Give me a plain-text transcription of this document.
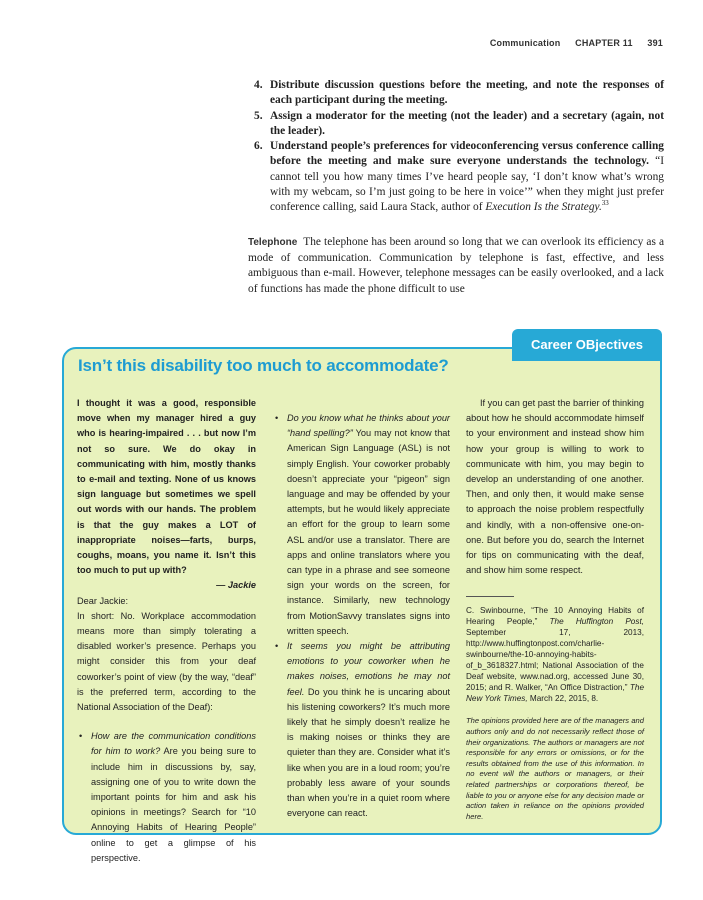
Communication CHAPTER 11 391
4. Distribute discussion questions before the meeting, and note the responses of each participant during the meeting.
5. Assign a moderator for the meeting (not the leader) and a secretary (again, not the leader).
6. Understand people’s preferences for videoconferencing versus conference calling before the meeting and make sure everyone understands the technology. “I cannot tell you how many times I’ve heard people say, ‘I don’t know what’s wrong with my webcam, so I’m just going to be here in voice’” when they might just prefer conference calling, said Laura Stack, author of Execution Is the Strategy.$^{33}$

Telephone The telephone has been around so long that we can overlook its efficiency as a mode of communication. Communication by telephone is fast, effective, and less ambiguous than e-mail. However, telephone messages can be easily overlooked, and a lack of functions has made the phone difficult to use

Career OBjectives
Isn’t this disability too much to accommodate?

I thought it was a good, responsible move when my manager hired a guy who is hearing-impaired . . . but now I’m not so sure. We do okay in communicating with him, mostly thanks to e-mail and texting. None of us knows sign language but sometimes we spell out words with our hands. The problem is that the guy makes a LOT of inappropriate noises—farts, burps, coughs, moans, you name it. Isn’t this too much to put up with?

— Jackie

Dear Jackie:

In short: No. Workplace accommodation means more than simply tolerating a disabled worker’s presence. Perhaps you might consider this from your deaf coworker’s point of view (by the way, “deaf” is the preferred term, according to the National Association of the Deaf):

• How are the communication conditions for him to work? Are you being sure to include him in discussions by, say, assigning one of you to write down the important points for him and ask his opinions in meetings? Search for “10 Annoying Habits of Hearing People” online to get a glimpse of his perspective.

• Do you know what he thinks about your “hand spelling?” You may not know that American Sign Language (ASL) is not simply English. Your coworker probably doesn’t appreciate your “pigeon” sign language and may be offended by your attempts, but he would likely appreciate an effort for the group to learn some ASL and/or use a translator. There are apps and online translators where you can type in a phrase and see someone sign your words on the screen, for instance. Similarly, new technology from MotionSavvy translates signs into written speech.

• It seems you might be attributing emotions to your coworker when he makes noises, emotions he may not feel. Do you think he is uncaring about his listening coworkers? It’s much more likely that he simply doesn’t realize he is making noises or thinks they are quieter than they are. Consider what it’s like when you are in a loud room; you’re probably less aware of your sounds than when you’re in a quiet room where everyone can react.

If you can get past the barrier of thinking about how he should accommodate himself to your environment and instead show him how your group is willing to work to communicate with him, you may begin to develop an understanding of one another. Then, and only then, it would make sense to approach the noise problem respectfully and kindly, with a non-offensive one-on-one. But before you do, search the Internet for tips on communicating with the deaf, and show him some respect.

C. Swinbourne, “The 10 Annoying Habits of Hearing People,” The Huffington Post, September 17, 2013, http://www.huffingtonpost.com/charlie-swinbourne/the-10-annoying-habits-of_b_3618327.html; National Association of the Deaf website, www.nad.org, accessed June 30, 2015; and R. Walker, “An Office Distraction,” The New York Times, March 22, 2015, 8.

The opinions provided here are of the managers and authors only and do not necessarily reflect those of their organizations. The authors or managers are not responsible for any errors or omissions, or for the results obtained from the use of this information. In no event will the authors or managers, or their related partnerships or corporations thereof, be liable to you or anyone else for any decision made or action taken in reliance on the opinions provided here.
